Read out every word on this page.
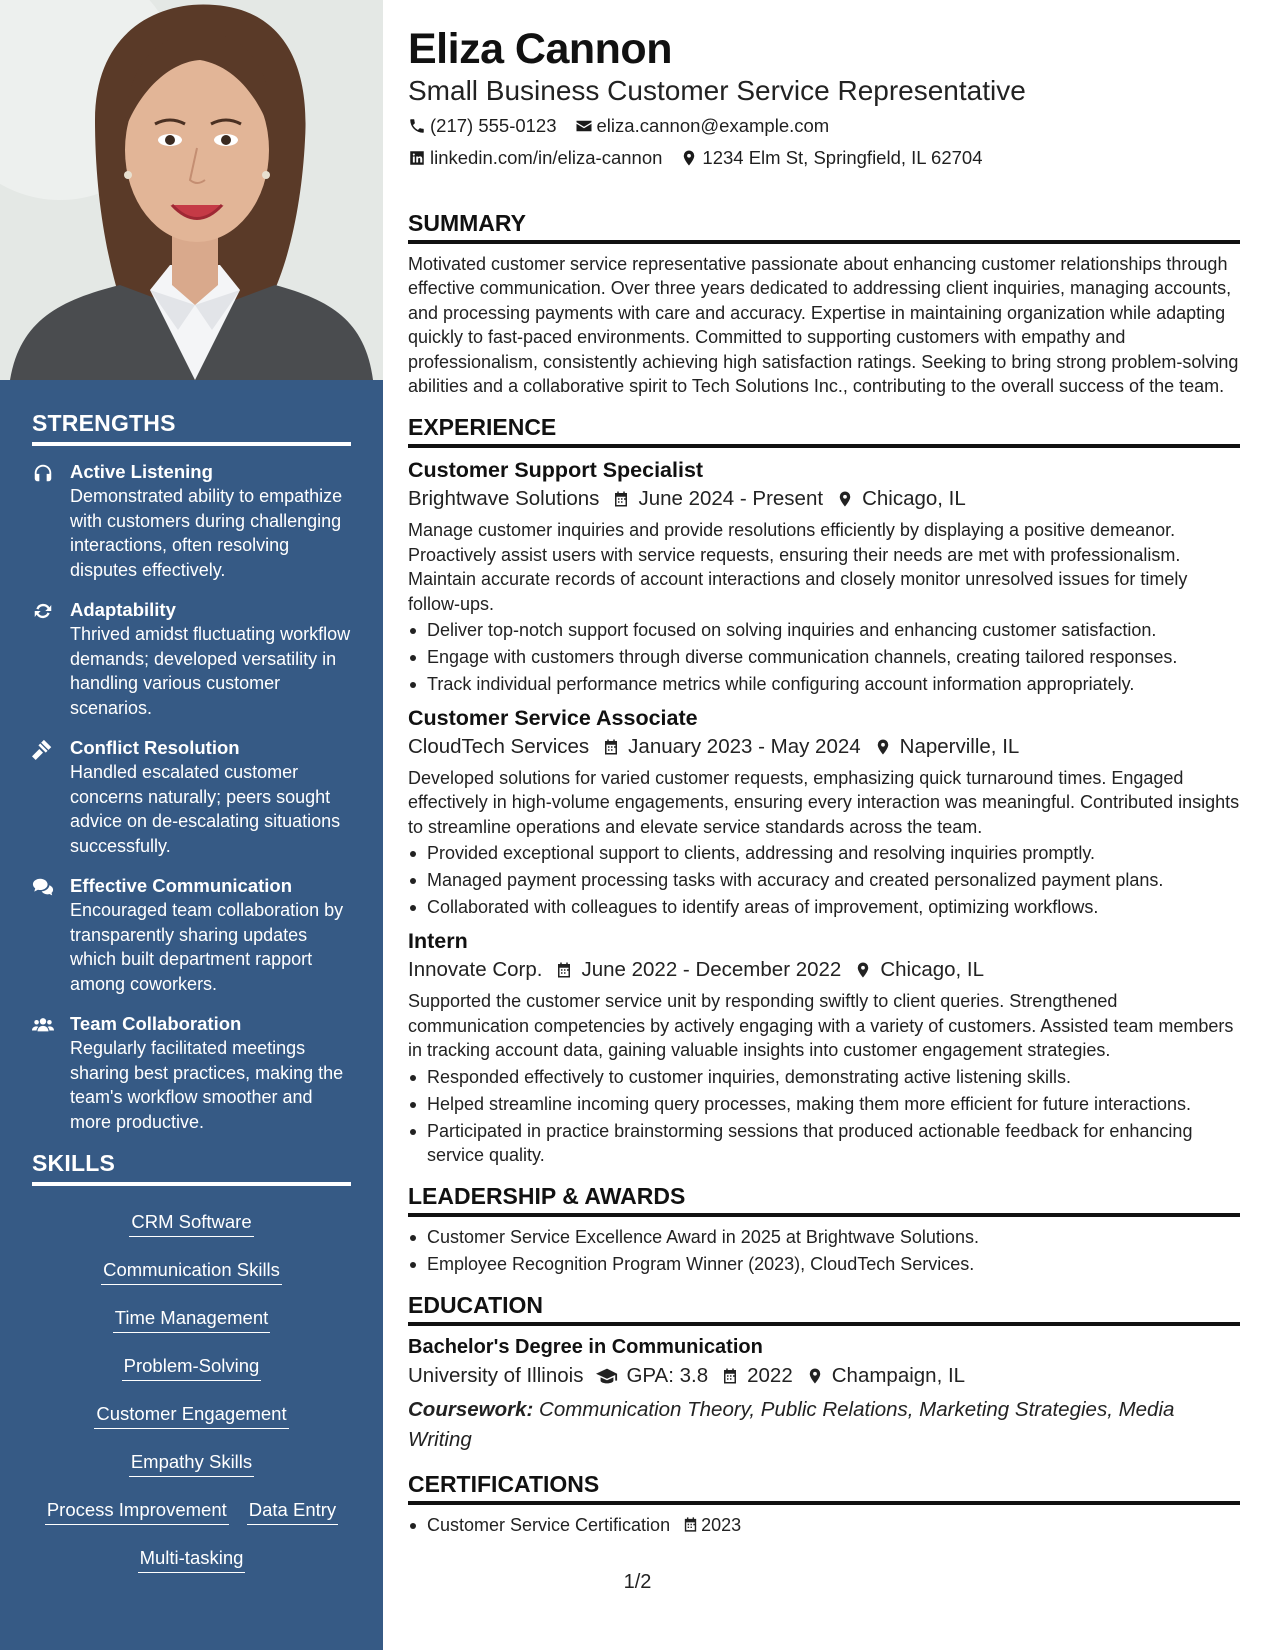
STRENGTHS
Active Listening
Demonstrated ability to empathize with customers during challenging interactions, often resolving disputes effectively.
Adaptability
Thrived amidst fluctuating workflow demands; developed versatility in handling various customer scenarios.
Conflict Resolution
Handled escalated customer concerns naturally; peers sought advice on de-escalating situations successfully.
Effective Communication
Encouraged team collaboration by transparently sharing updates which built department rapport among coworkers.
Team Collaboration
Regularly facilitated meetings sharing best practices, making the team's workflow smoother and more productive.
SKILLS
CRM Software
Communication Skills
Time Management
Problem-Solving
Customer Engagement
Empathy Skills
Process Improvement Data Entry
Multi-tasking
Eliza Cannon
Small Business Customer Service Representative
(217) 555-0123 eliza.cannon@example.com
linkedin.com/in/eliza-cannon 1234 Elm St, Springfield, IL 62704
SUMMARY
Motivated customer service representative passionate about enhancing customer relationships through effective communication. Over three years dedicated to addressing client inquiries, managing accounts, and processing payments with care and accuracy. Expertise in maintaining organization while adapting quickly to fast-paced environments. Committed to supporting customers with empathy and professionalism, consistently achieving high satisfaction ratings. Seeking to bring strong problem-solving abilities and a collaborative spirit to Tech Solutions Inc., contributing to the overall success of the team.
EXPERIENCE
Customer Support Specialist
Brightwave Solutions June 2024 - Present Chicago, IL
Manage customer inquiries and provide resolutions efficiently by displaying a positive demeanor. Proactively assist users with service requests, ensuring their needs are met with professionalism. Maintain accurate records of account interactions and closely monitor unresolved issues for timely follow-ups.
Deliver top-notch support focused on solving inquiries and enhancing customer satisfaction.
Engage with customers through diverse communication channels, creating tailored responses.
Track individual performance metrics while configuring account information appropriately.
Customer Service Associate
CloudTech Services January 2023 - May 2024 Naperville, IL
Developed solutions for varied customer requests, emphasizing quick turnaround times. Engaged effectively in high-volume engagements, ensuring every interaction was meaningful. Contributed insights to streamline operations and elevate service standards across the team.
Provided exceptional support to clients, addressing and resolving inquiries promptly.
Managed payment processing tasks with accuracy and created personalized payment plans.
Collaborated with colleagues to identify areas of improvement, optimizing workflows.
Intern
Innovate Corp. June 2022 - December 2022 Chicago, IL
Supported the customer service unit by responding swiftly to client queries. Strengthened communication competencies by actively engaging with a variety of customers. Assisted team members in tracking account data, gaining valuable insights into customer engagement strategies.
Responded effectively to customer inquiries, demonstrating active listening skills.
Helped streamline incoming query processes, making them more efficient for future interactions.
Participated in practice brainstorming sessions that produced actionable feedback for enhancing service quality.
LEADERSHIP & AWARDS
Customer Service Excellence Award in 2025 at Brightwave Solutions.
Employee Recognition Program Winner (2023), CloudTech Services.
EDUCATION
Bachelor's Degree in Communication
University of Illinois GPA: 3.8 2022 Champaign, IL
Coursework: Communication Theory, Public Relations, Marketing Strategies, Media Writing
CERTIFICATIONS
Customer Service Certification 2023
1/2
